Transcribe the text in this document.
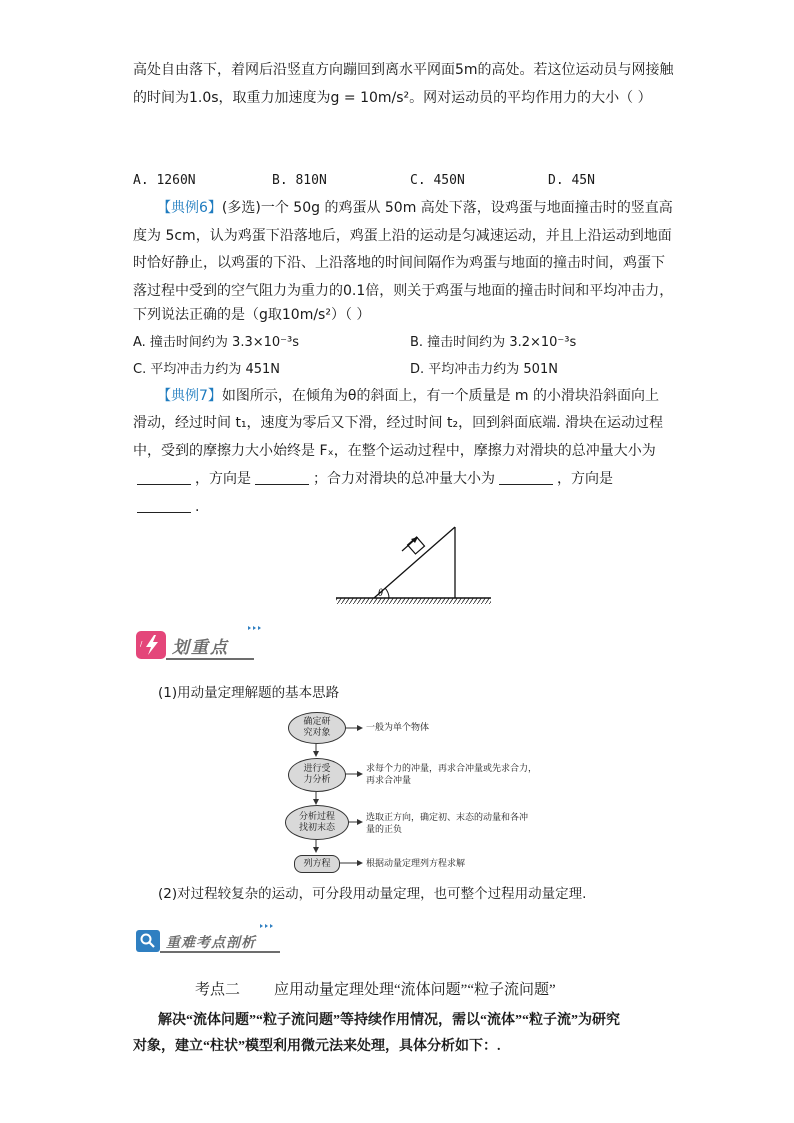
高处自由落下，着网后沿竖直方向蹦回到离水平网面5m的高处。若这位运动员与网接触
的时间为1.0s，取重力加速度为g = 10m/s²。网对运动员的平均作用力的大小（ ）
A. 1260N	B. 810N	C. 450N	D. 45N
【典例6】(多选)一个 50g 的鸡蛋从 50m 高处下落，设鸡蛋与地面撞击时的竖直高
度为 5cm，认为鸡蛋下沿落地后，鸡蛋上沿的运动是匀减速运动，并且上沿运动到地面
时恰好静止，以鸡蛋的下沿、上沿落地的时间间隔作为鸡蛋与地面的撞击时间，鸡蛋下
落过程中受到的空气阻力为重力的0.1倍，则关于鸡蛋与地面的撞击时间和平均冲击力，
下列说法正确的是（g取10m/s²）（ ）
A. 撞击时间约为 3.3×10⁻³s	B. 撞击时间约为 3.2×10⁻³s
C. 平均冲击力约为 451N	D. 平均冲击力约为 501N
【典例7】如图所示，在倾角为θ的斜面上，有一个质量是 m 的小滑块沿斜面向上
滑动，经过时间 t₁，速度为零后又下滑，经过时间 t₂，回到斜面底端. 滑块在运动过程
中，受到的摩擦力大小始终是 Fₓ，在整个运动过程中，摩擦力对滑块的总冲量大小为
，方向是	；合力对滑块的总冲量大小为	，方向是
.
θ
/ 划重点
(1)用动量定理解题的基本思路
确定研
究对象
进行受
力分析
分析过程
找初末态
列方程
一般为单个物体
求每个力的冲量，再求合冲量或先求合力，
再求合冲量
选取正方向，确定初、末态的动量和各冲
量的正负
根据动量定理列方程求解
(2)对过程较复杂的运动，可分段用动量定理，也可整个过程用动量定理.
重难考点剖析
考点二 应用动量定理处理“流体问题”“粒子流问题”
解决“流体问题”“粒子流问题”等持续作用情况，需以“流体”“粒子流”为研究
对象，建立“柱状”模型利用微元法来处理，具体分析如下：.
